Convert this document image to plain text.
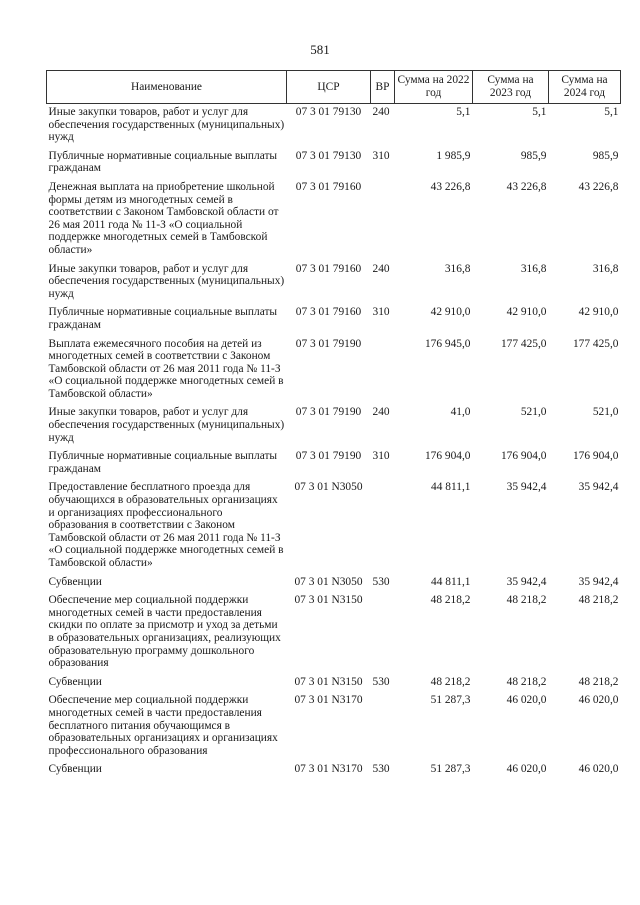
581
Наименование	ЦСР	ВР	Сумма на 2022 год	Сумма на 2023 год	Сумма на 2024 год
Иные закупки товаров, работ и услуг для обеспечения государственных (муниципальных) нужд	07 3 01 79130	240	5,1	5,1	5,1
Публичные нормативные социальные выплаты гражданам	07 3 01 79130	310	1 985,9	985,9	985,9
Денежная выплата на приобретение школьной формы детям из многодетных семей в соответствии с Законом Тамбовской области от 26 мая 2011 года № 11-З «О социальной поддержке многодетных семей в Тамбовской области»	07 3 01 79160		43 226,8	43 226,8	43 226,8
Иные закупки товаров, работ и услуг для обеспечения государственных (муниципальных) нужд	07 3 01 79160	240	316,8	316,8	316,8
Публичные нормативные социальные выплаты гражданам	07 3 01 79160	310	42 910,0	42 910,0	42 910,0
Выплата ежемесячного пособия на детей из многодетных семей в соответствии с Законом Тамбовской области от 26 мая 2011 года № 11-З «О социальной поддержке многодетных семей в Тамбовской области»	07 3 01 79190		176 945,0	177 425,0	177 425,0
Иные закупки товаров, работ и услуг для обеспечения государственных (муниципальных) нужд	07 3 01 79190	240	41,0	521,0	521,0
Публичные нормативные социальные выплаты гражданам	07 3 01 79190	310	176 904,0	176 904,0	176 904,0
Предоставление бесплатного проезда для обучающихся в образовательных организациях и организациях профессионального образования в соответствии с Законом Тамбовской области от 26 мая 2011 года № 11-З «О социальной поддержке многодетных семей в Тамбовской области»	07 3 01 N3050		44 811,1	35 942,4	35 942,4
Субвенции	07 3 01 N3050	530	44 811,1	35 942,4	35 942,4
Обеспечение мер социальной поддержки многодетных семей в части предоставления скидки по оплате за присмотр и уход за детьми в образовательных организациях, реализующих образовательную программу дошкольного образования	07 3 01 N3150		48 218,2	48 218,2	48 218,2
Субвенции	07 3 01 N3150	530	48 218,2	48 218,2	48 218,2
Обеспечение мер социальной поддержки многодетных семей в части предоставления бесплатного питания обучающимся в образовательных организациях и организациях профессионального образования	07 3 01 N3170		51 287,3	46 020,0	46 020,0
Субвенции	07 3 01 N3170	530	51 287,3	46 020,0	46 020,0
